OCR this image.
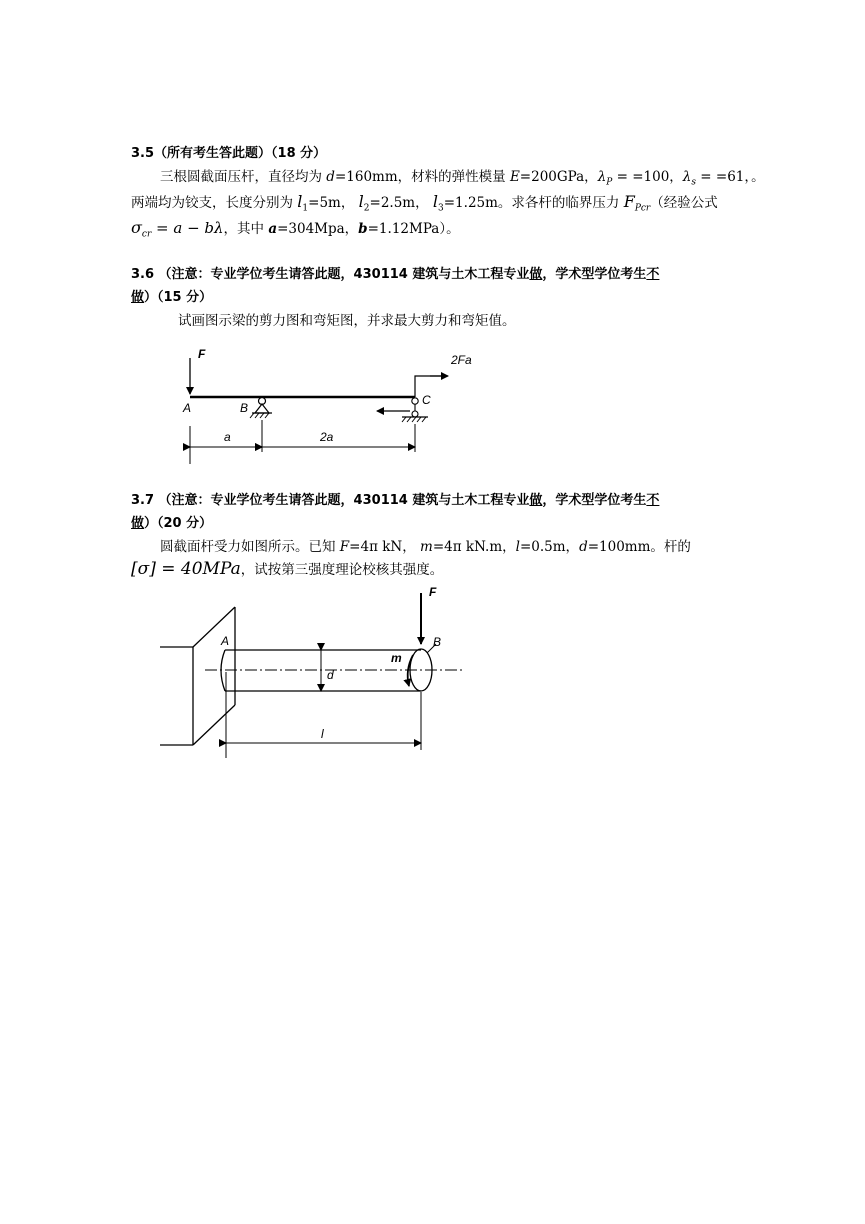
3.5（所有考生答此题）（18 分）
三根圆截面压杆，直径均为 d=160mm，材料的弹性模量 E=200GPa，$\lambda_P = =100$，$\lambda_s = =61$，。
两端均为铰支，长度分别为 $l_1=5m$， $l_2=2.5m$， $l_3=1.25m$。求各杆的临界压力 $F_{Pcr}$（经验公式
$\sigma_{cr} = a - b\lambda$，其中 a=304Mpa，b=1.12MPa）。
3.6 （注意：专业学位考生请答此题，430114 建筑与土木工程专业做，学术型学位考生不
做）（15 分）
试画图示梁的剪力图和弯矩图，并求最大剪力和弯矩值。
F
A	B
2Fa
C
a	2a
3.7 （注意：专业学位考生请答此题，430114 建筑与土木工程专业做，学术型学位考生不
做）（20 分）
圆截面杆受力如图所示。已知 F=4π kN， m=4π kN.m，l=0.5m，d=100mm。杆的
[σ] = 40MPa，试按第三强度理论校核其强度。
d
l
F
m
B
A
